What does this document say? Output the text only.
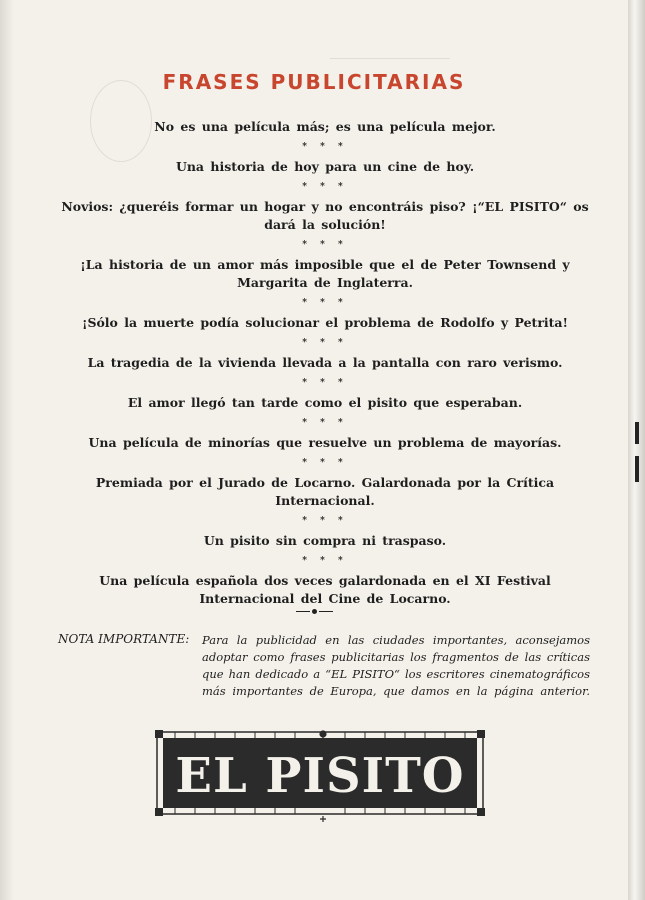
FRASES PUBLICITARIAS

No es una película más; es una película mejor.

* * *

Una historia de hoy para un cine de hoy.

* * *

Novios: ¿queréis formar un hogar y no encontráis piso? ¡“EL PISITO“ os dará la solución!

* * *

¡La historia de un amor más imposible que el de Peter Townsend y Margarita de Inglaterra.

* * *

¡Sólo la muerte podía solucionar el problema de Rodolfo y Petrita!

* * *

La tragedia de la vivienda llevada a la pantalla con raro verismo.

* * *

El amor llegó tan tarde como el pisito que esperaban.

* * *

Una película de minorías que resuelve un problema de mayorías.

* * *

Premiada por el Jurado de Locarno. Galardonada por la Crítica Internacional.

* * *

Un pisito sin compra ni traspaso.

* * *

Una película española dos veces galardonada en el XI Festival Internacional del Cine de Locarno.

NOTA IMPORTANTE: Para la publicidad en las ciudades importantes, aconsejamos adoptar como frases publicitarias los fragmentos de las críticas que han dedicado a “EL PISITO“ los escritores cinematográficos más importantes de Europa, que damos en la página anterior.

EL PISITO
